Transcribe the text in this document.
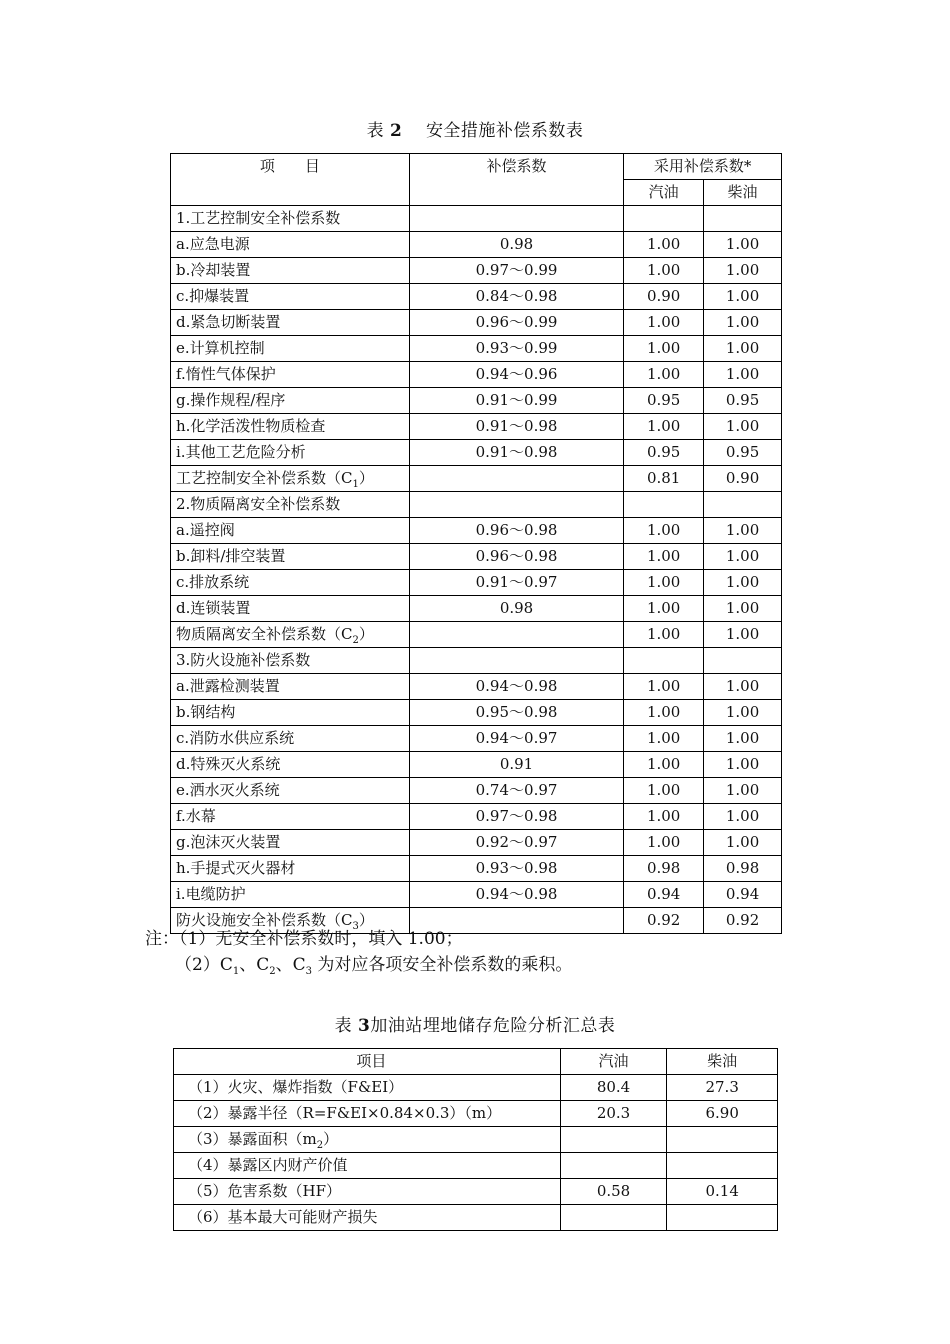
表 2 安全措施补偿系数表
项　　目	补偿系数	采用补偿系数*	
		汽油	柴油
1.工艺控制安全补偿系数			
a.应急电源	0.98	1.00	1.00
b.冷却装置	0.97～0.99	1.00	1.00
c.抑爆装置	0.84～0.98	0.90	1.00
d.紧急切断装置	0.96～0.99	1.00	1.00
e.计算机控制	0.93～0.99	1.00	1.00
f.惰性气体保护	0.94～0.96	1.00	1.00
g.操作规程/程序	0.91～0.99	0.95	0.95
h.化学活泼性物质检查	0.91～0.98	1.00	1.00
i.其他工艺危险分析	0.91～0.98	0.95	0.95
工艺控制安全补偿系数$(C_1)$		0.81	0.90
2.物质隔离安全补偿系数			
a.遥控阀	0.96～0.98	1.00	1.00
b.卸料/排空装置	0.96～0.98	1.00	1.00
c.排放系统	0.91～0.97	1.00	1.00
d.连锁装置	0.98	1.00	1.00
物质隔离安全补偿系数$(C_2)$		1.00	1.00
3.防火设施补偿系数			
a.泄露检测装置	0.94～0.98	1.00	1.00
b.钢结构	0.95～0.98	1.00	1.00
c.消防水供应系统	0.94～0.97	1.00	1.00
d.特殊灭火系统	0.91	1.00	1.00
e.洒水灭火系统	0.74～0.97	1.00	1.00
f.水幕	0.97～0.98	1.00	1.00
g.泡沫灭火装置	0.92～0.97	1.00	1.00
h.手提式灭火器材	0.93～0.98	0.98	0.98
i.电缆防护	0.94～0.98	0.94	0.94
防火设施安全补偿系数$(C_3)$		0.92	0.92
注：（1）无安全补偿系数时，填入 1.00；
$(2)C_1$、$C_2$、$C_3$ 为对应各项安全补偿系数的乘积。
表 3加油站埋地储存危险分析汇总表
项目	汽油	柴油
（1）火灾、爆炸指数（F&EI）	80.4	27.3
（2）暴露半径（R=F&EI×0.84×0.3）（m）	20.3	6.90
（3）暴露面积$(m_2)$		
（4）暴露区内财产价值		
（5）危害系数（HF）	0.58	0.14
（6）基本最大可能财产损失		
